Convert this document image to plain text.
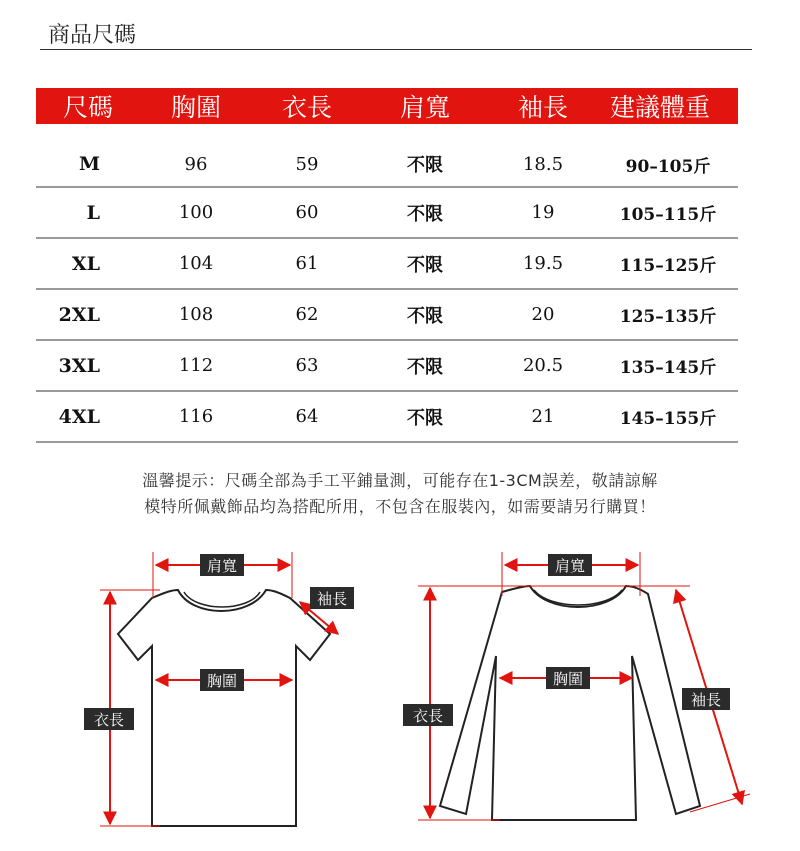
商品尺碼
尺碼	胸圍	衣長	肩寬	袖長	建議體重
M	96	59	不限	18.5	90–105斤
L	100	60	不限	19	105–115斤
XL	104	61	不限	19.5	115–125斤
2XL	108	62	不限	20	125–135斤
3XL	112	63	不限	20.5	135–145斤
4XL	116	64	不限	21	145–155斤
溫馨提示：尺碼全部為手工平鋪量測，可能存在1-3CM誤差，敬請諒解
模特所佩戴飾品均為搭配所用，不包含在服裝內，如需要請另行購買！
肩寬
袖長
胸圍
衣長
肩寬
胸圍
衣長
袖長
